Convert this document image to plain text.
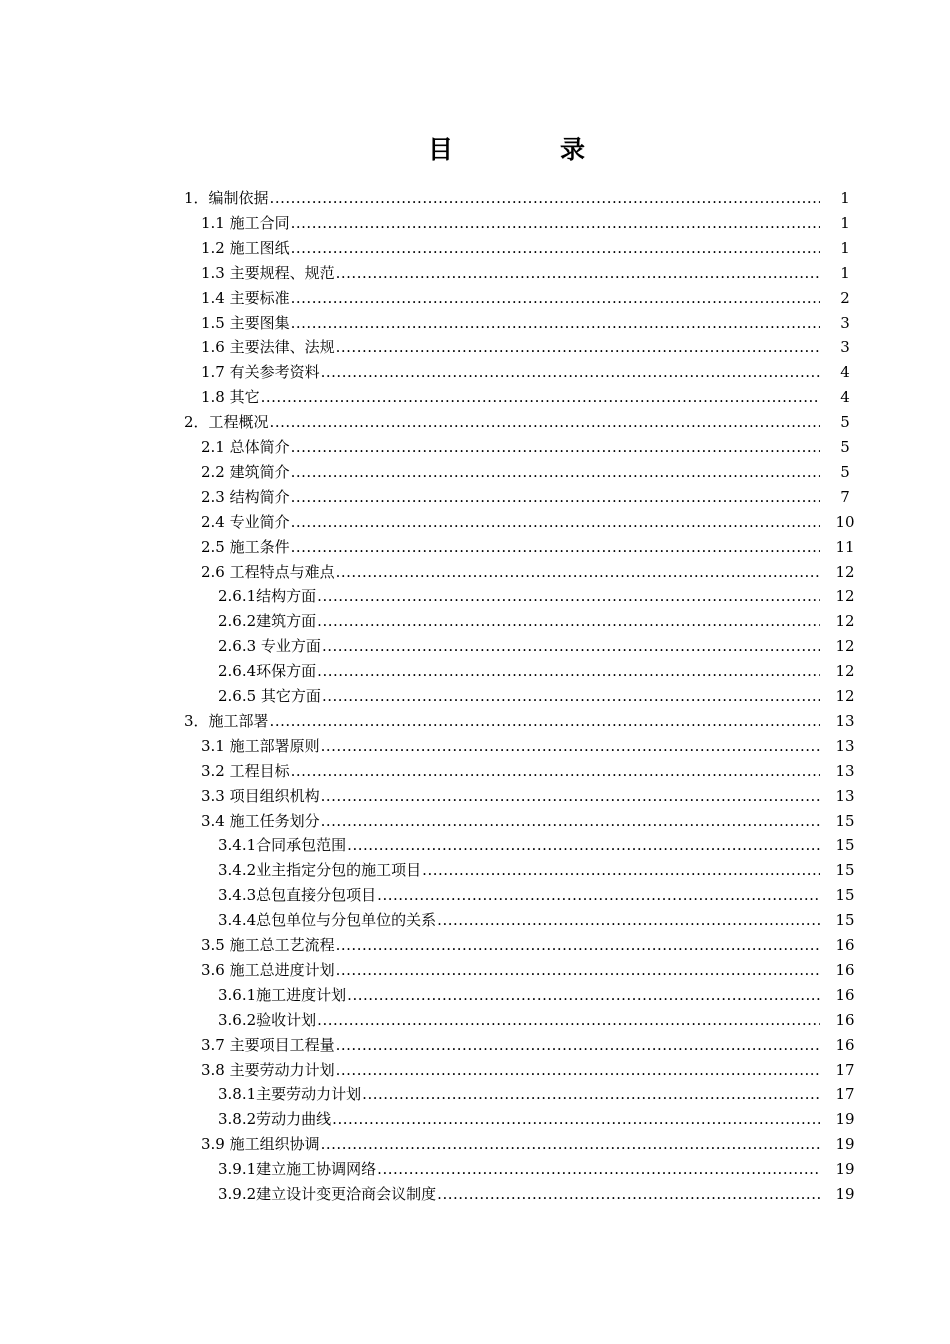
目	录
1．编制依据 .....	1
1.1 施工合同 .....	1
1.2 施工图纸 .....	1
1.3 主要规程、规范 .....	1
1.4 主要标准 .....	2
1.5 主要图集 .....	3
1.6 主要法律、法规 .....	3
1.7 有关参考资料 .....	4
1.8 其它 .....	4
2．工程概况 .....	5
2.1 总体简介 .....	5
2.2 建筑简介 .....	5
2.3 结构简介 .....	7
2.4 专业简介 .....	10
2.5 施工条件 .....	11
2.6 工程特点与难点 .....	12
2.6.1结构方面 .....	12
2.6.2建筑方面 .....	12
2.6.3 专业方面 .....	12
2.6.4环保方面 .....	12
2.6.5 其它方面 .....	12
3．施工部署 .....	13
3.1 施工部署原则 .....	13
3.2 工程目标 .....	13
3.3 项目组织机构 .....	13
3.4 施工任务划分 .....	15
3.4.1合同承包范围 .....	15
3.4.2业主指定分包的施工项目 .....	15
3.4.3总包直接分包项目 .....	15
3.4.4总包单位与分包单位的关系 .....	15
3.5 施工总工艺流程 .....	16
3.6 施工总进度计划 .....	16
3.6.1施工进度计划 .....	16
3.6.2验收计划 .....	16
3.7 主要项目工程量 .....	16
3.8 主要劳动力计划 .....	17
3.8.1主要劳动力计划 .....	17
3.8.2劳动力曲线 .....	19
3.9 施工组织协调 .....	19
3.9.1建立施工协调网络 .....	19
3.9.2建立设计变更洽商会议制度 .....	19
